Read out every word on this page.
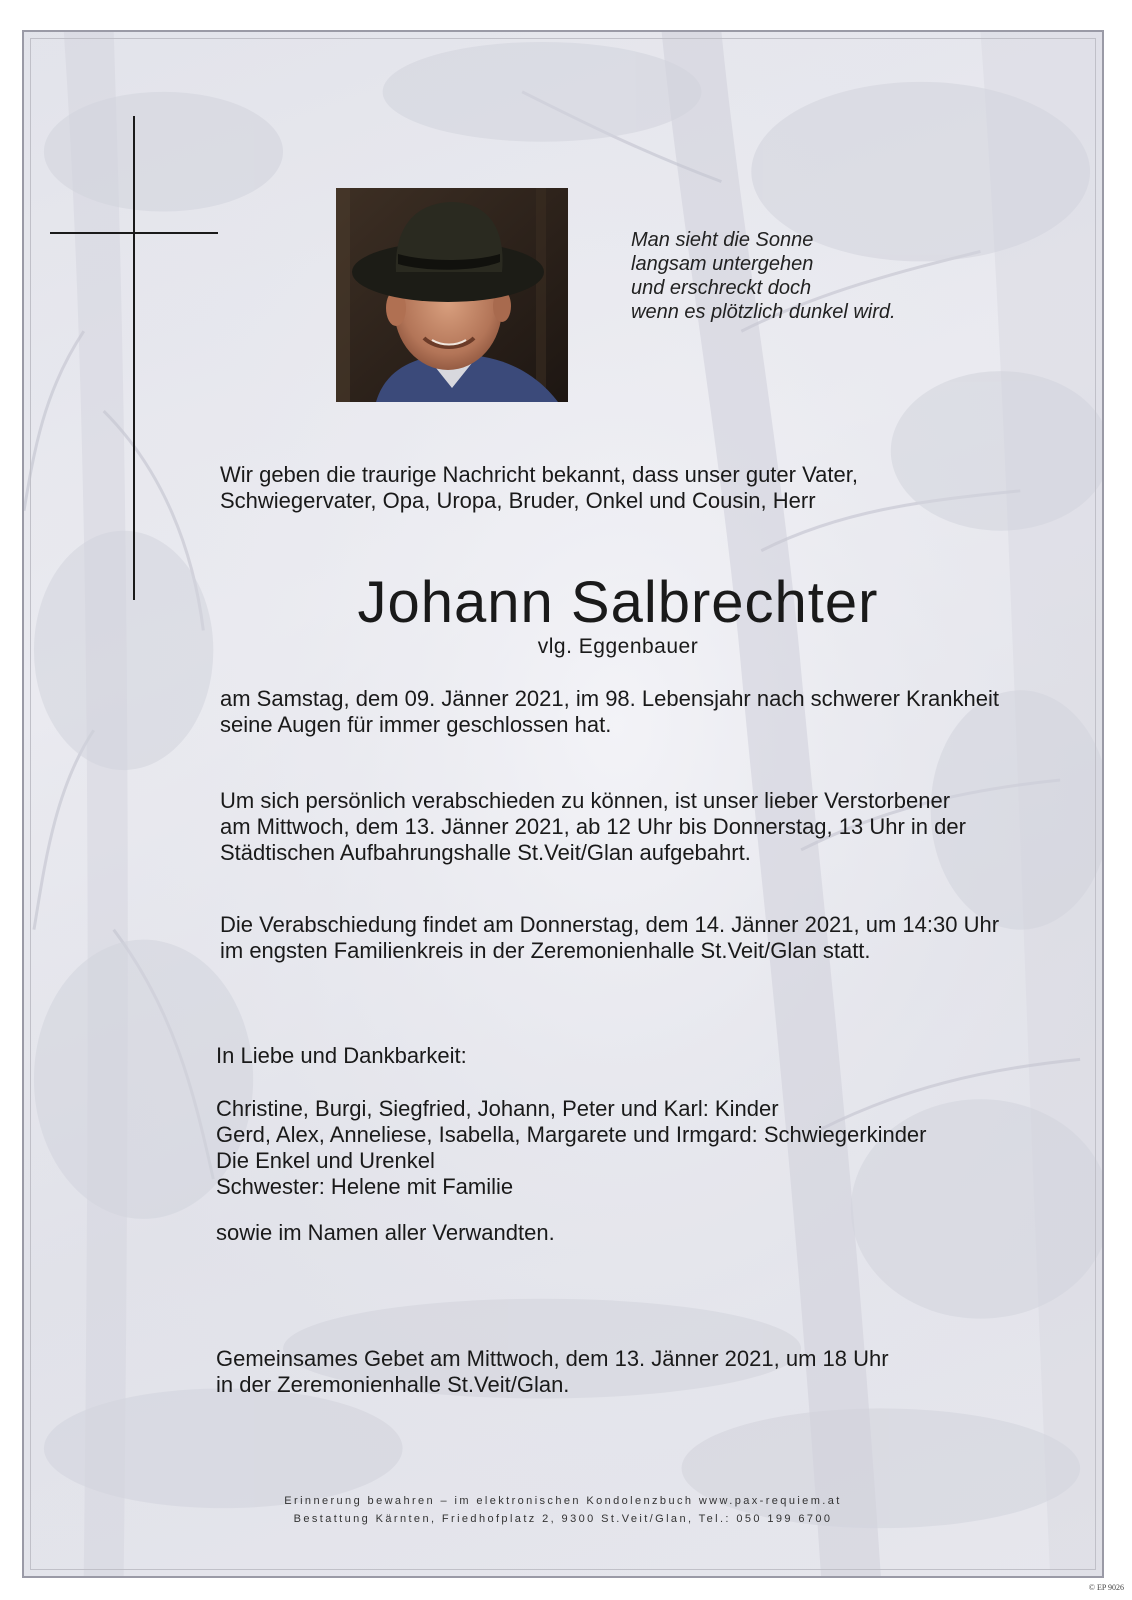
Man sieht die Sonne
langsam untergehen
und erschreckt doch
wenn es plötzlich dunkel wird.
Wir geben die traurige Nachricht bekannt, dass unser guter Vater,
Schwiegervater, Opa, Uropa, Bruder, Onkel und Cousin, Herr
Johann Salbrechter
vlg. Eggenbauer
am Samstag, dem 09. Jänner 2021, im 98. Lebensjahr nach schwerer Krankheit
seine Augen für immer geschlossen hat.
Um sich persönlich verabschieden zu können, ist unser lieber Verstorbener
am Mittwoch, dem 13. Jänner 2021, ab 12 Uhr bis Donnerstag, 13 Uhr in der
Städtischen Aufbahrungshalle St.Veit/Glan aufgebahrt.
Die Verabschiedung findet am Donnerstag, dem 14. Jänner 2021, um 14:30 Uhr
im engsten Familienkreis in der Zeremonienhalle St.Veit/Glan statt.
In Liebe und Dankbarkeit:
Christine, Burgi, Siegfried, Johann, Peter und Karl: Kinder
Gerd, Alex, Anneliese, Isabella, Margarete und Irmgard: Schwiegerkinder
Die Enkel und Urenkel
Schwester: Helene mit Familie
sowie im Namen aller Verwandten.
Gemeinsames Gebet am Mittwoch, dem 13. Jänner 2021, um 18 Uhr
in der Zeremonienhalle St.Veit/Glan.
Erinnerung bewahren – im elektronischen Kondolenzbuch www.pax-requiem.at
Bestattung Kärnten, Friedhofplatz 2, 9300 St.Veit/Glan, Tel.: 050 199 6700
© EP 9026
